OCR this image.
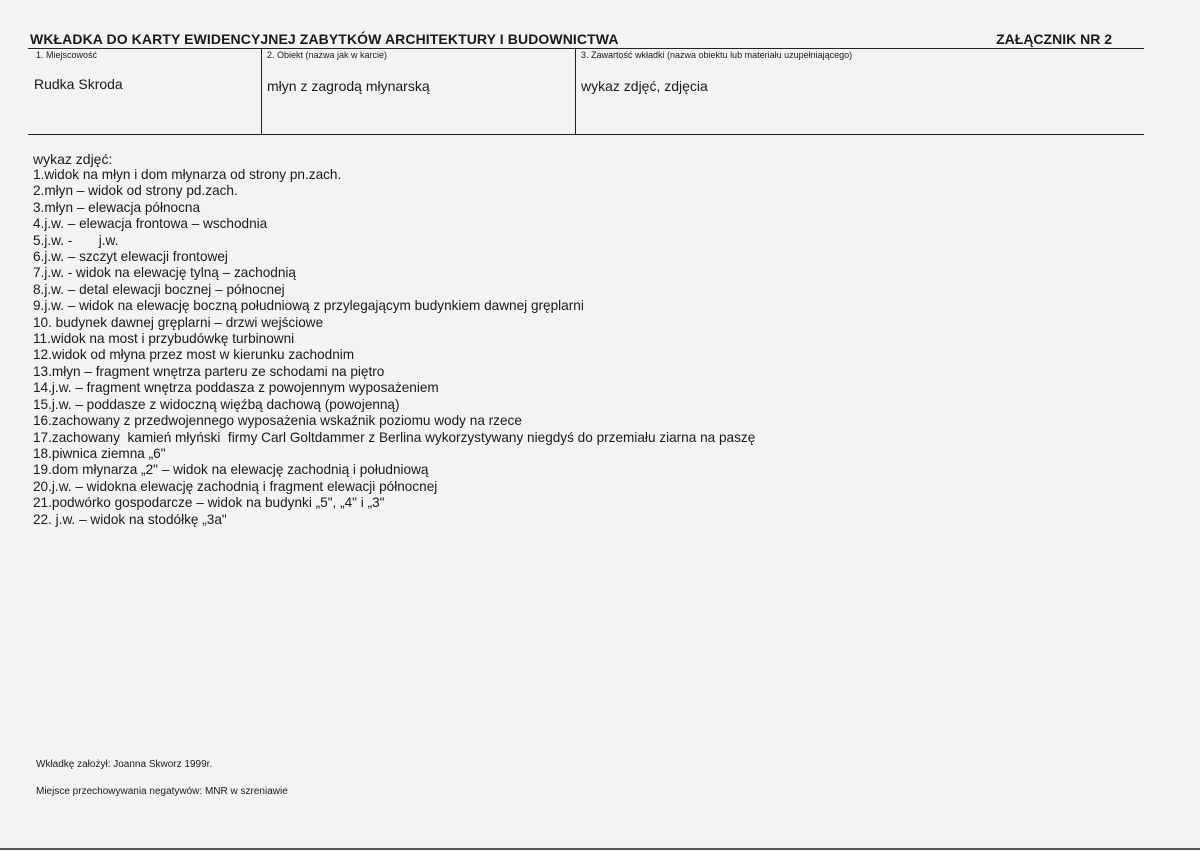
WKŁADKA DO KARTY EWIDENCYJNEJ ZABYTKÓW ARCHITEKTURY I BUDOWNICTWA	ZAŁĄCZNIK NR 2
1. Miejscowość
Rudka Skroda
2. Obiekt (nazwa jak w karcie)
młyn z zagrodą młynarską
3. Zawartość wkładki (nazwa obiektu lub materiału uzupełniającego)
wykaz zdjęć, zdjęcia
wykaz zdjęć:
1.widok na młyn i dom młynarza od strony pn.zach.
2.młyn – widok od strony pd.zach.
3.młyn – elewacja północna
4.j.w. – elewacja frontowa – wschodnia
5.j.w. -       j.w.
6.j.w. – szczyt elewacji frontowej
7.j.w. - widok na elewację tylną – zachodnią
8.j.w. – detal elewacji bocznej – północnej
9.j.w. – widok na elewację boczną południową z przylegającym budynkiem dawnej gręplarni
10. budynek dawnej gręplarni – drzwi wejściowe
11.widok na most i przybudówkę turbinowni
12.widok od młyna przez most w kierunku zachodnim
13.młyn – fragment wnętrza parteru ze schodami na piętro
14.j.w. – fragment wnętrza poddasza z powojennym wyposażeniem
15.j.w. – poddasze z widoczną więźbą dachową (powojenną)
16.zachowany z przedwojennego wyposażenia wskaźnik poziomu wody na rzece
17.zachowany  kamień młyński  firmy Carl Goltdammer z Berlina wykorzystywany niegdyś do przemiału ziarna na paszę
18.piwnica ziemna „6"
19.dom młynarza „2" – widok na elewację zachodnią i południową
20.j.w. – widokna elewację zachodnią i fragment elewacji północnej
21.podwórko gospodarcze – widok na budynki „5", „4" i „3"
22. j.w. – widok na stodółkę „3a"
Wkładkę założył: Joanna Skworz 1999r.
Miejsce przechowywania negatywów: MNR w szreniawie
